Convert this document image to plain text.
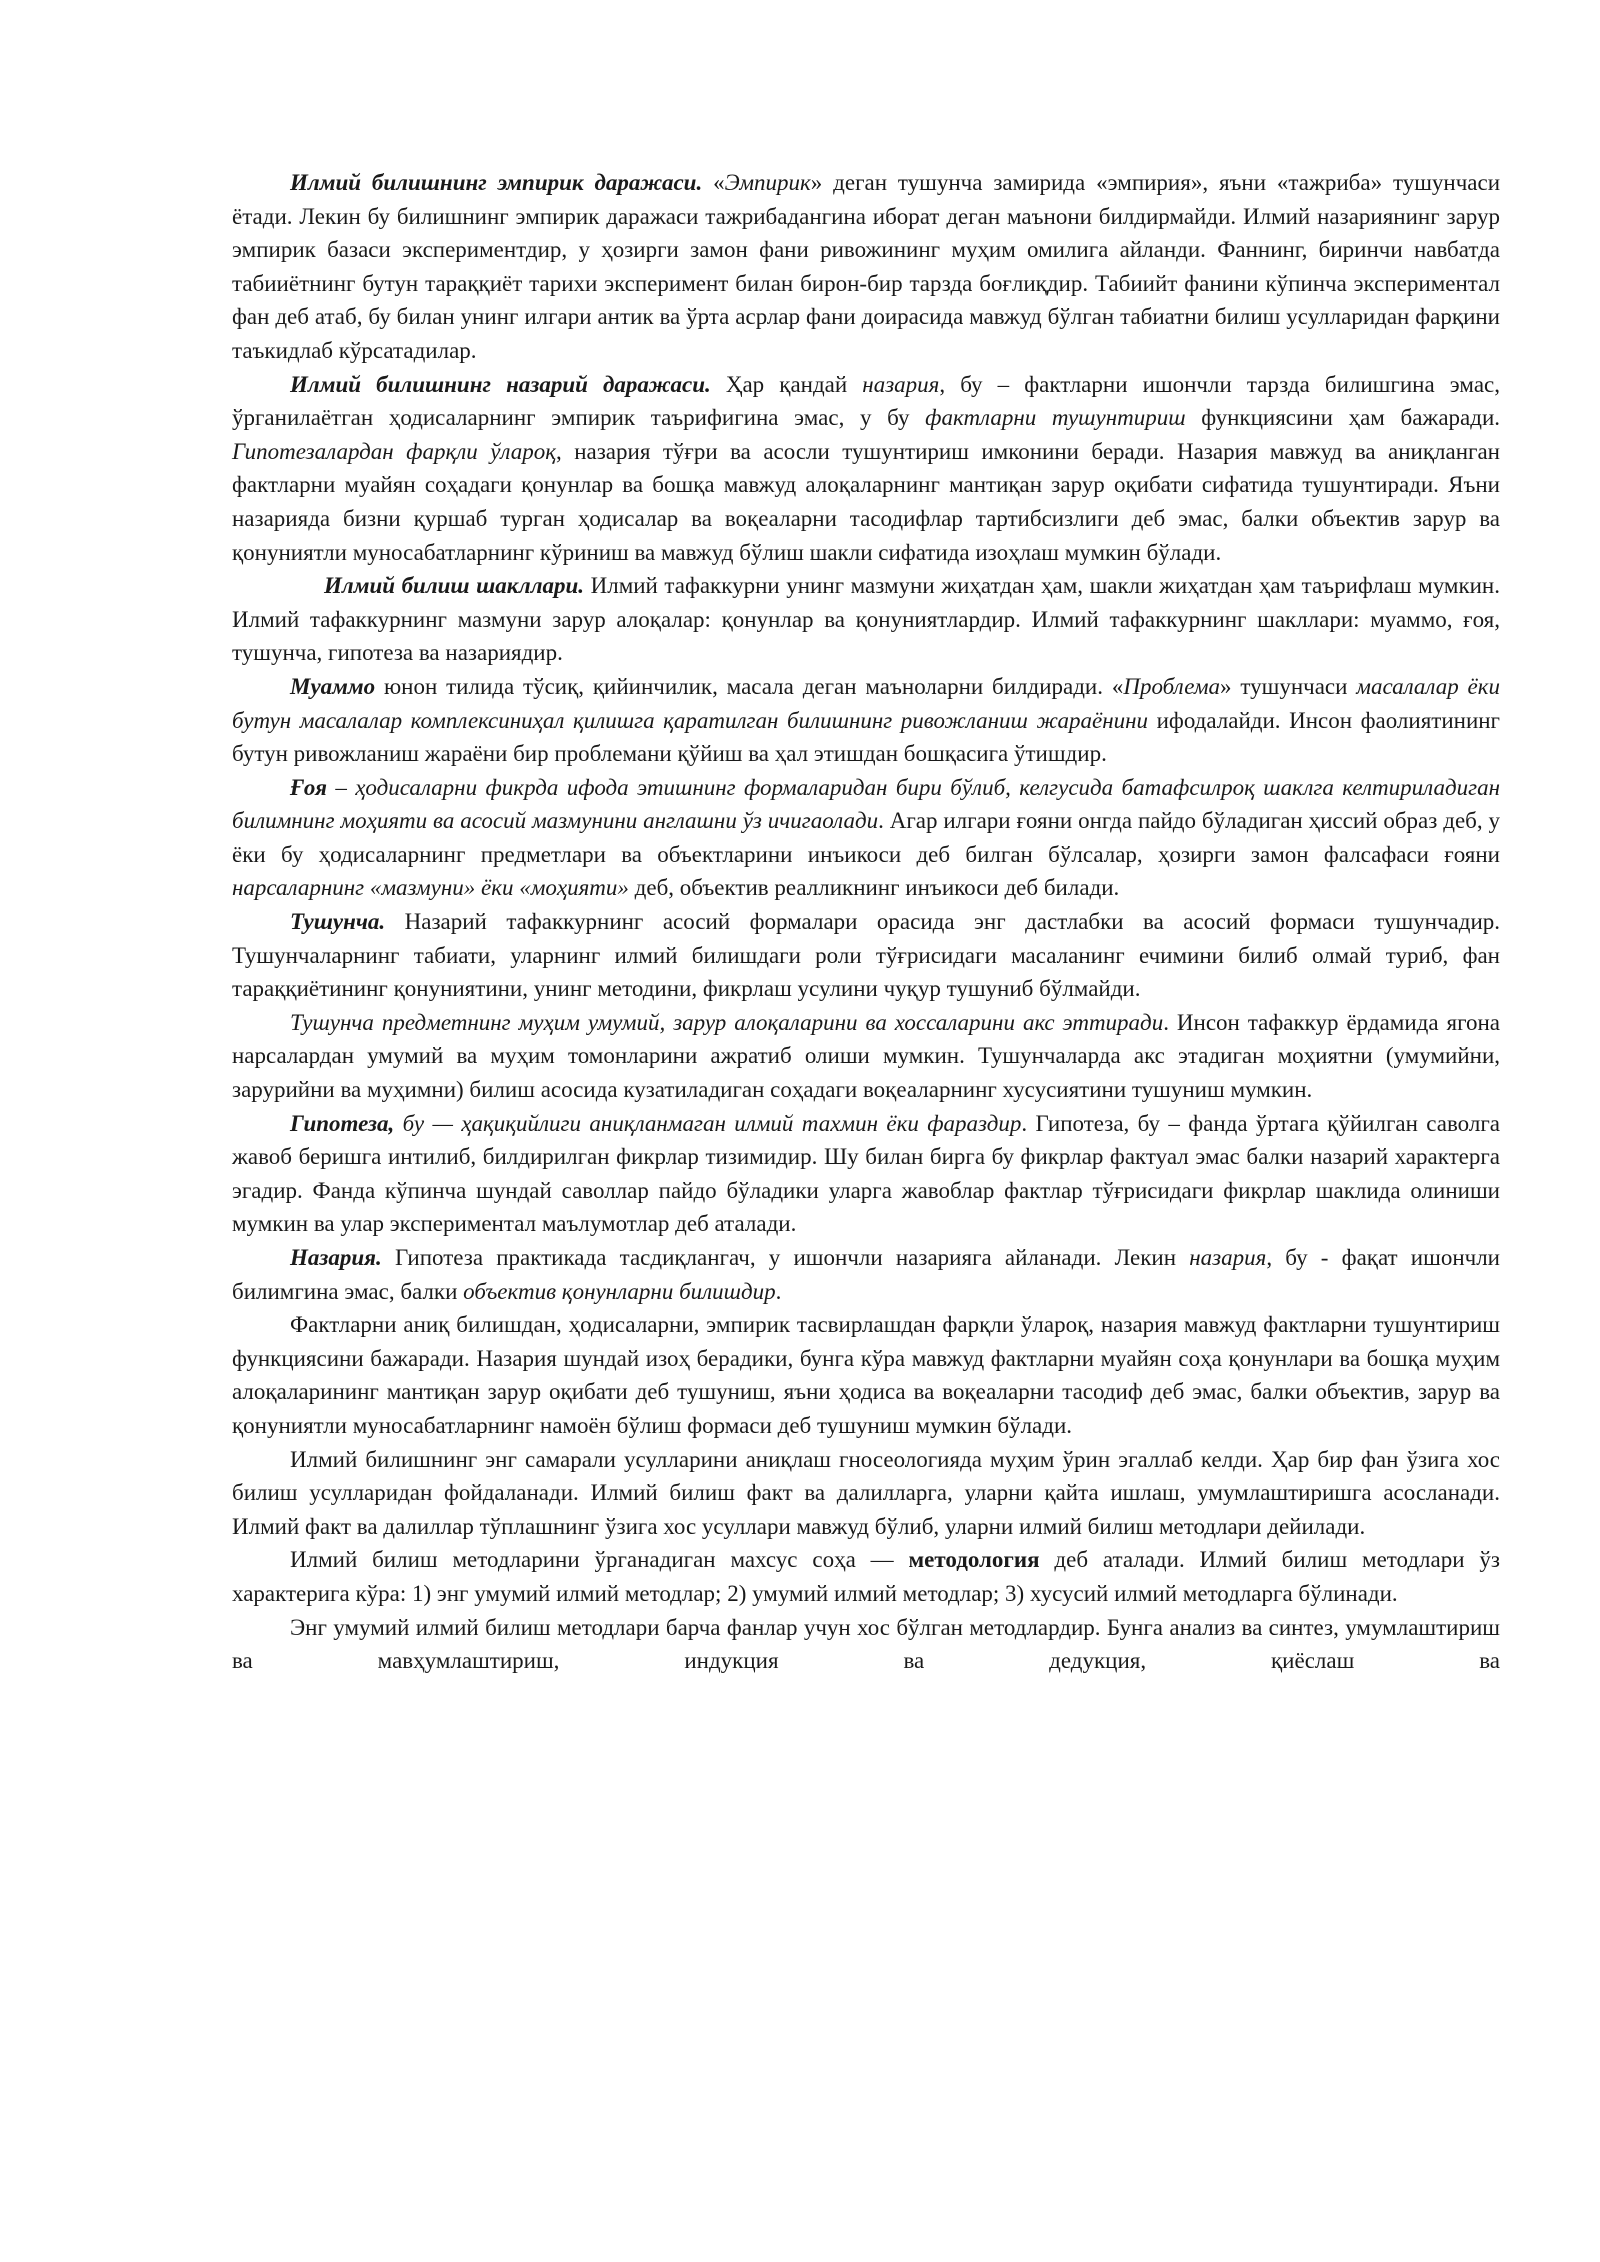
Илмий билишнинг эмпирик даражаси. «Эмпирик» деган тушунча замирида «эмпирия», яъни «тажриба» тушунчаси ётади. Лекин бу билишнинг эмпирик даражаси тажрибадангина иборат деган маънони билдирмайди. Илмий назариянинг зарур эмпирик базаси экспериментдир, у ҳозирги замон фани ривожининг муҳим омилига айланди. Фаннинг, биринчи навбатда табииётнинг бутун тараққиёт тарихи эксперимент билан бирон-бир тарзда боғлиқдир. Табиийт фанини кўпинча экспериментал фан деб атаб, бу билан унинг илгари антик ва ўрта асрлар фани доирасида мавжуд бўлган табиатни билиш усулларидан фарқини таъкидлаб кўрсатадилар.

Илмий билишнинг назарий даражаси. Ҳар қандай назария, бу – фактларни ишончли тарзда билишгина эмас, ўрганилаётган ҳодисаларнинг эмпирик таърифигина эмас, у бу фактларни тушунтириш функциясини ҳам бажаради. Гипотезалардан фарқли ўлароқ, назария тўғри ва асосли тушунтириш имконини беради. Назария мавжуд ва аниқланган фактларни муайян соҳадаги қонунлар ва бошқа мавжуд алоқаларнинг мантиқан зарур оқибати сифатида тушунтиради. Яъни назарияда бизни қуршаб турган ҳодисалар ва воқеаларни тасодифлар тартибсизлиги деб эмас, балки объектив зарур ва қонуниятли муносабатларнинг кўриниш ва мавжуд бўлиш шакли сифатида изоҳлаш мумкин бўлади.

Илмий билиш шакллари. Илмий тафаккурни унинг мазмуни жиҳатдан ҳам, шакли жиҳатдан ҳам таърифлаш мумкин. Илмий тафаккурнинг мазмуни зарур алоқалар: қонунлар ва қонуниятлардир. Илмий тафаккурнинг шакллари: муаммо, ғоя, тушунча, гипотеза ва назариядир.

Муаммо юнон тилида тўсиқ, қийинчилик, масала деган маъноларни билдиради. «Проблема» тушунчаси масалалар ёки бутун масалалар комплексиниҳал қилишга қаратилган билишнинг ривожланиш жараёнини ифодалайди. Инсон фаолиятининг бутун ривожланиш жараёни бир проблемани қўйиш ва ҳал этишдан бошқасига ўтишдир.

Ғоя – ҳодисаларни фикрда ифода этишнинг формаларидан бири бўлиб, келгусида батафсилроқ шаклга келтириладиган билимнинг моҳияти ва асосий мазмунини англашни ўз ичигаолади. Агар илгари ғояни онгда пайдо бўладиган ҳиссий образ деб, у ёки бу ҳодисаларнинг предметлари ва объектларини инъикоси деб билган бўлсалар, ҳозирги замон фалсафаси ғояни нарсаларнинг «мазмуни» ёки «моҳияти» деб, объектив реалликнинг инъикоси деб билади.

Тушунча. Назарий тафаккурнинг асосий формалари орасида энг дастлабки ва асосий формаси тушунчадир. Тушунчаларнинг табиати, уларнинг илмий билишдаги роли тўғрисидаги масаланинг ечимини билиб олмай туриб, фан тараққиётининг қонуниятини, унинг методини, фикрлаш усулини чуқур тушуниб бўлмайди.

Тушунча предметнинг муҳим умумий, зарур алоқаларини ва хоссаларини акс эттиради. Инсон тафаккур ёрдамида ягона нарсалардан умумий ва муҳим томонларини ажратиб олиши мумкин. Тушунчаларда акс этадиган моҳиятни (умумийни, зарурийни ва муҳимни) билиш асосида кузатиладиган соҳадаги воқеаларнинг хусусиятини тушуниш мумкин.

Гипотеза, бу — ҳақиқийлиги аниқланмаган илмий тахмин ёки фараздир. Гипотеза, бу – фанда ўртага қўйилган саволга жавоб беришга интилиб, билдирилган фикрлар тизимидир. Шу билан бирга бу фикрлар фактуал эмас балки назарий характерга эгадир. Фанда кўпинча шундай саволлар пайдо бўладики уларга жавоблар фактлар тўғрисидаги фикрлар шаклида олиниши мумкин ва улар экспериментал маълумотлар деб аталади.

Назария. Гипотеза практикада тасдиқлангач, у ишончли назарияга айланади. Лекин назария, бу - фақат ишончли билимгина эмас, балки объектив қонунларни билишдир.

Фактларни аниқ билишдан, ҳодисаларни, эмпирик тасвирлашдан фарқли ўлароқ, назария мавжуд фактларни тушунтириш функциясини бажаради. Назария шундай изоҳ берадики, бунга кўра мавжуд фактларни муайян соҳа қонунлари ва бошқа муҳим алоқаларининг мантиқан зарур оқибати деб тушуниш, яъни ҳодиса ва воқеаларни тасодиф деб эмас, балки объектив, зарур ва қонуниятли муносабатларнинг намоён бўлиш формаси деб тушуниш мумкин бўлади.

Илмий билишнинг энг самарали усулларини аниқлаш гносеологияда муҳим ўрин эгаллаб келди. Ҳар бир фан ўзига хос билиш усулларидан фойдаланади. Илмий билиш факт ва далилларга, уларни қайта ишлаш, умумлаштиришга асосланади. Илмий факт ва далиллар тўплашнинг ўзига хос усуллари мавжуд бўлиб, уларни илмий билиш методлари дейилади.

Илмий билиш методларини ўрганадиган махсус соҳа — методология деб аталади. Илмий билиш методлари ўз характерига кўра: 1) энг умумий илмий методлар; 2) умумий илмий методлар; 3) хусусий илмий методларга бўлинади.

Энг умумий илмий билиш методлари барча фанлар учун хос бўлган методлардир. Бунга анализ ва синтез, умумлаштириш ва мавҳумлаштириш, индукция ва дедукция, қиёслаш ва
